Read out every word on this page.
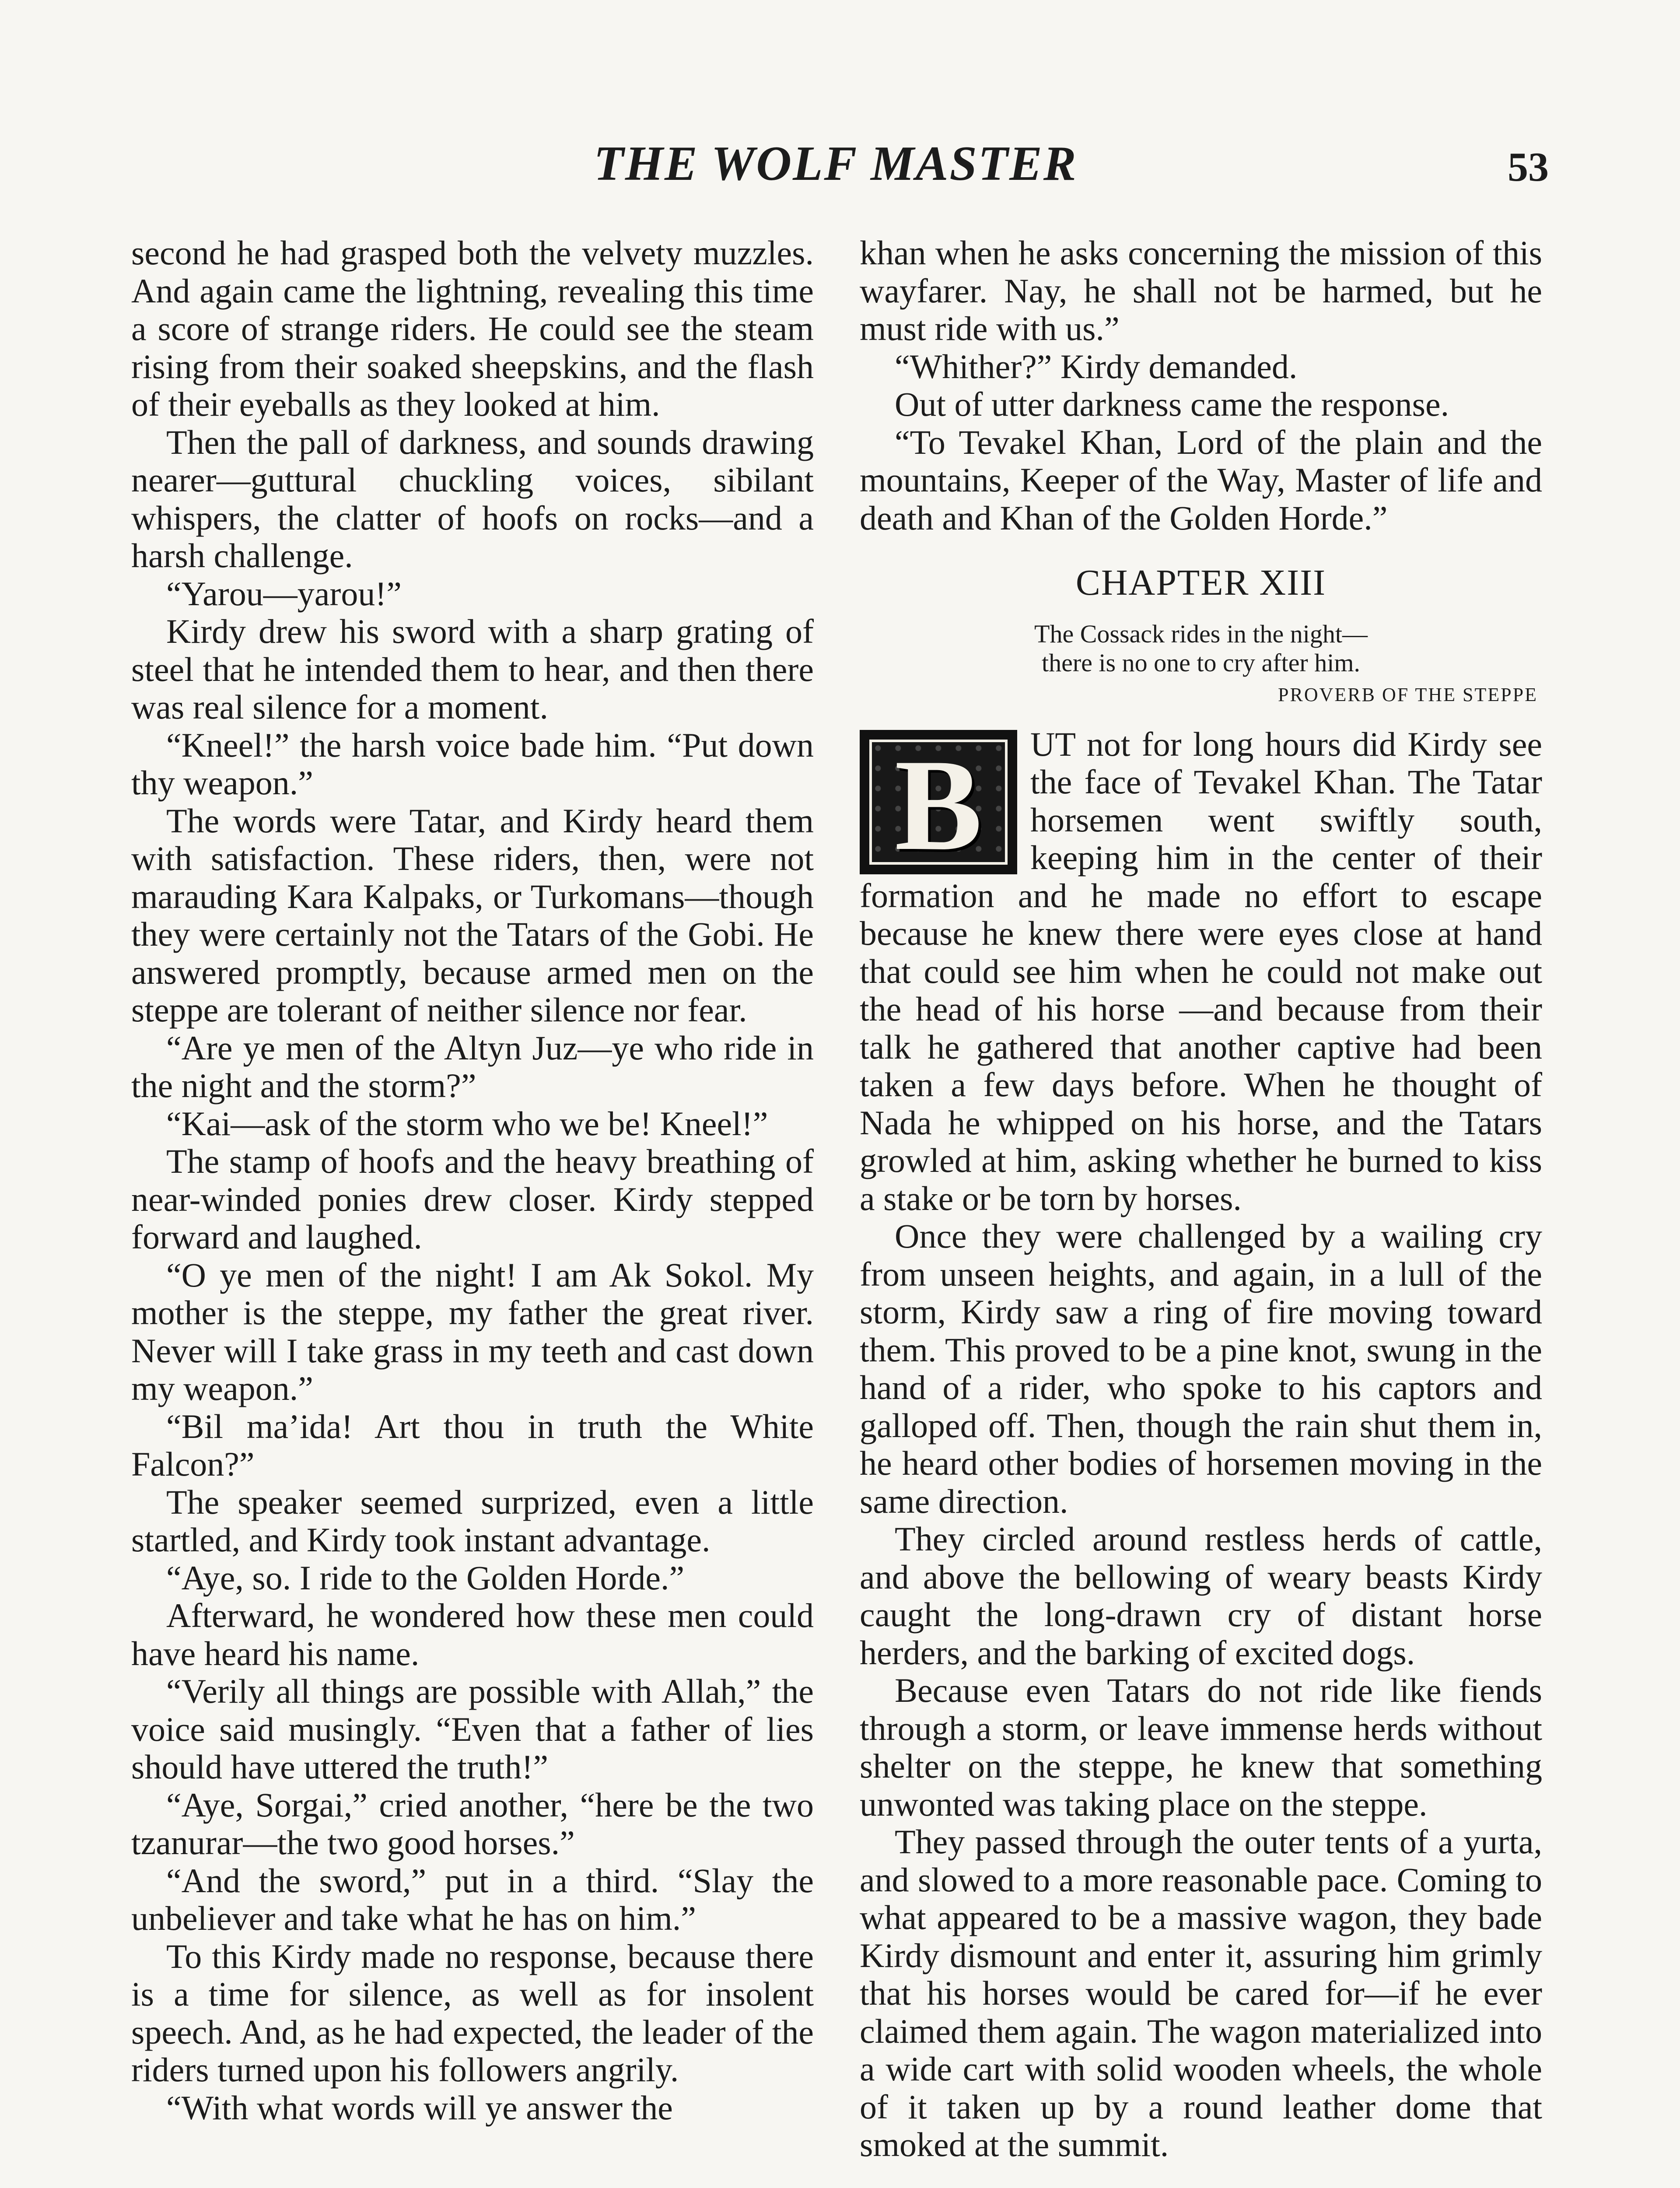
THE WOLF MASTER	53

second he had grasped both the velvety muzzles. And again came the lightning, revealing this time a score of strange riders. He could see the steam rising from their soaked sheepskins, and the flash of their eyeballs as they looked at him.

Then the pall of darkness, and sounds drawing nearer—guttural chuckling voices, sibilant whispers, the clatter of hoofs on rocks—and a harsh challenge.

“Yarou—yarou!”

Kirdy drew his sword with a sharp grating of steel that he intended them to hear, and then there was real silence for a moment.

“Kneel!” the harsh voice bade him. “Put down thy weapon.”

The words were Tatar, and Kirdy heard them with satisfaction. These riders, then, were not marauding Kara Kalpaks, or Turkomans—though they were certainly not the Tatars of the Gobi. He answered promptly, because armed men on the steppe are tolerant of neither silence nor fear.

“Are ye men of the Altyn Juz—ye who ride in the night and the storm?”

“Kai—ask of the storm who we be! Kneel!”

The stamp of hoofs and the heavy breathing of near-winded ponies drew closer. Kirdy stepped forward and laughed.

“O ye men of the night! I am Ak Sokol. My mother is the steppe, my father the great river. Never will I take grass in my teeth and cast down my weapon.”

“Bil ma’ida! Art thou in truth the White Falcon?”

The speaker seemed surprized, even a little startled, and Kirdy took instant advantage.

“Aye, so. I ride to the Golden Horde.”

Afterward, he wondered how these men could have heard his name.

“Verily all things are possible with Allah,” the voice said musingly. “Even that a father of lies should have uttered the truth!”

“Aye, Sorgai,” cried another, “here be the two tzanurar—the two good horses.”

“And the sword,” put in a third. “Slay the unbeliever and take what he has on him.”

To this Kirdy made no response, because there is a time for silence, as well as for insolent speech. And, as he had expected, the leader of the riders turned upon his followers angrily.

“With what words will ye answer the

khan when he asks concerning the mission of this wayfarer. Nay, he shall not be harmed, but he must ride with us.”

“Whither?” Kirdy demanded.

Out of utter darkness came the response.

“To Tevakel Khan, Lord of the plain and the mountains, Keeper of the Way, Master of life and death and Khan of the Golden Horde.”

CHAPTER XIII

The Cossack rides in the night—

there is no one to cry after him.

PROVERB OF THE STEPPE
B	UT not for long hours did Kirdy see the face of Tevakel Khan. The Tatar horsemen went swiftly south, keeping him in the center of their formation and he made no effort to escape because he knew there were eyes close at hand that could see him when he could not make out the head of his horse —and because from their talk he gathered that another captive had been taken a few days before. When he thought of Nada he whipped on his horse, and the Tatars growled at him, asking whether he burned to kiss a stake or be torn by horses.

Once they were challenged by a wailing cry from unseen heights, and again, in a lull of the storm, Kirdy saw a ring of fire moving toward them. This proved to be a pine knot, swung in the hand of a rider, who spoke to his captors and galloped off. Then, though the rain shut them in, he heard other bodies of horsemen moving in the same direction.

They circled around restless herds of cattle, and above the bellowing of weary beasts Kirdy caught the long-drawn cry of distant horse herders, and the barking of excited dogs.

Because even Tatars do not ride like fiends through a storm, or leave immense herds without shelter on the steppe, he knew that something unwonted was taking place on the steppe.

They passed through the outer tents of a yurta, and slowed to a more reasonable pace. Coming to what appeared to be a massive wagon, they bade Kirdy dismount and enter it, assuring him grimly that his horses would be cared for—if he ever claimed them again. The wagon materialized into a wide cart with solid wooden wheels, the whole of it taken up by a round leather dome that smoked at the summit.
